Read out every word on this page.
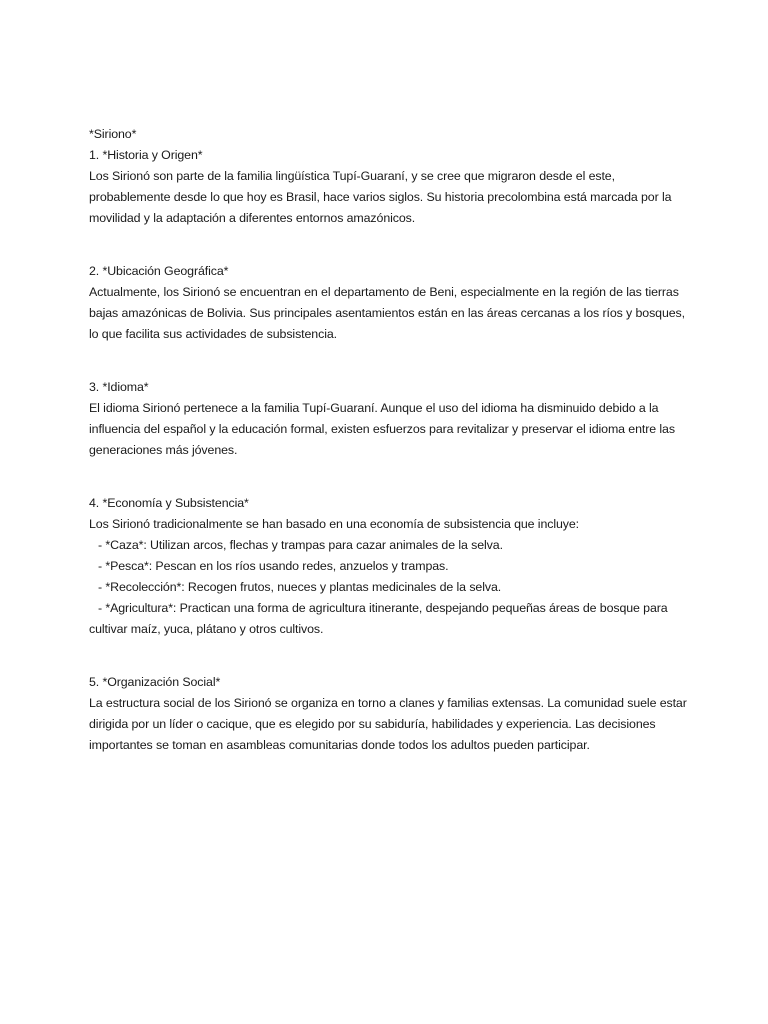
*Siriono*

1. *Historia y Origen*

Los Sirionó son parte de la familia lingüística Tupí-Guaraní, y se cree que migraron desde el este, probablemente desde lo que hoy es Brasil, hace varios siglos. Su historia precolombina está marcada por la movilidad y la adaptación a diferentes entornos amazónicos.

2. *Ubicación Geográfica*

Actualmente, los Sirionó se encuentran en el departamento de Beni, especialmente en la región de las tierras bajas amazónicas de Bolivia. Sus principales asentamientos están en las áreas cercanas a los ríos y bosques, lo que facilita sus actividades de subsistencia.

3. *Idioma*

El idioma Sirionó pertenece a la familia Tupí-Guaraní. Aunque el uso del idioma ha disminuido debido a la influencia del español y la educación formal, existen esfuerzos para revitalizar y preservar el idioma entre las generaciones más jóvenes.

4. *Economía y Subsistencia*

Los Sirionó tradicionalmente se han basado en una economía de subsistencia que incluye:

- *Caza*: Utilizan arcos, flechas y trampas para cazar animales de la selva.

- *Pesca*: Pescan en los ríos usando redes, anzuelos y trampas.

- *Recolección*: Recogen frutos, nueces y plantas medicinales de la selva.

- *Agricultura*: Practican una forma de agricultura itinerante, despejando pequeñas áreas de bosque para cultivar maíz, yuca, plátano y otros cultivos.

5. *Organización Social*

La estructura social de los Sirionó se organiza en torno a clanes y familias extensas. La comunidad suele estar dirigida por un líder o cacique, que es elegido por su sabiduría, habilidades y experiencia. Las decisiones importantes se toman en asambleas comunitarias donde todos los adultos pueden participar.
